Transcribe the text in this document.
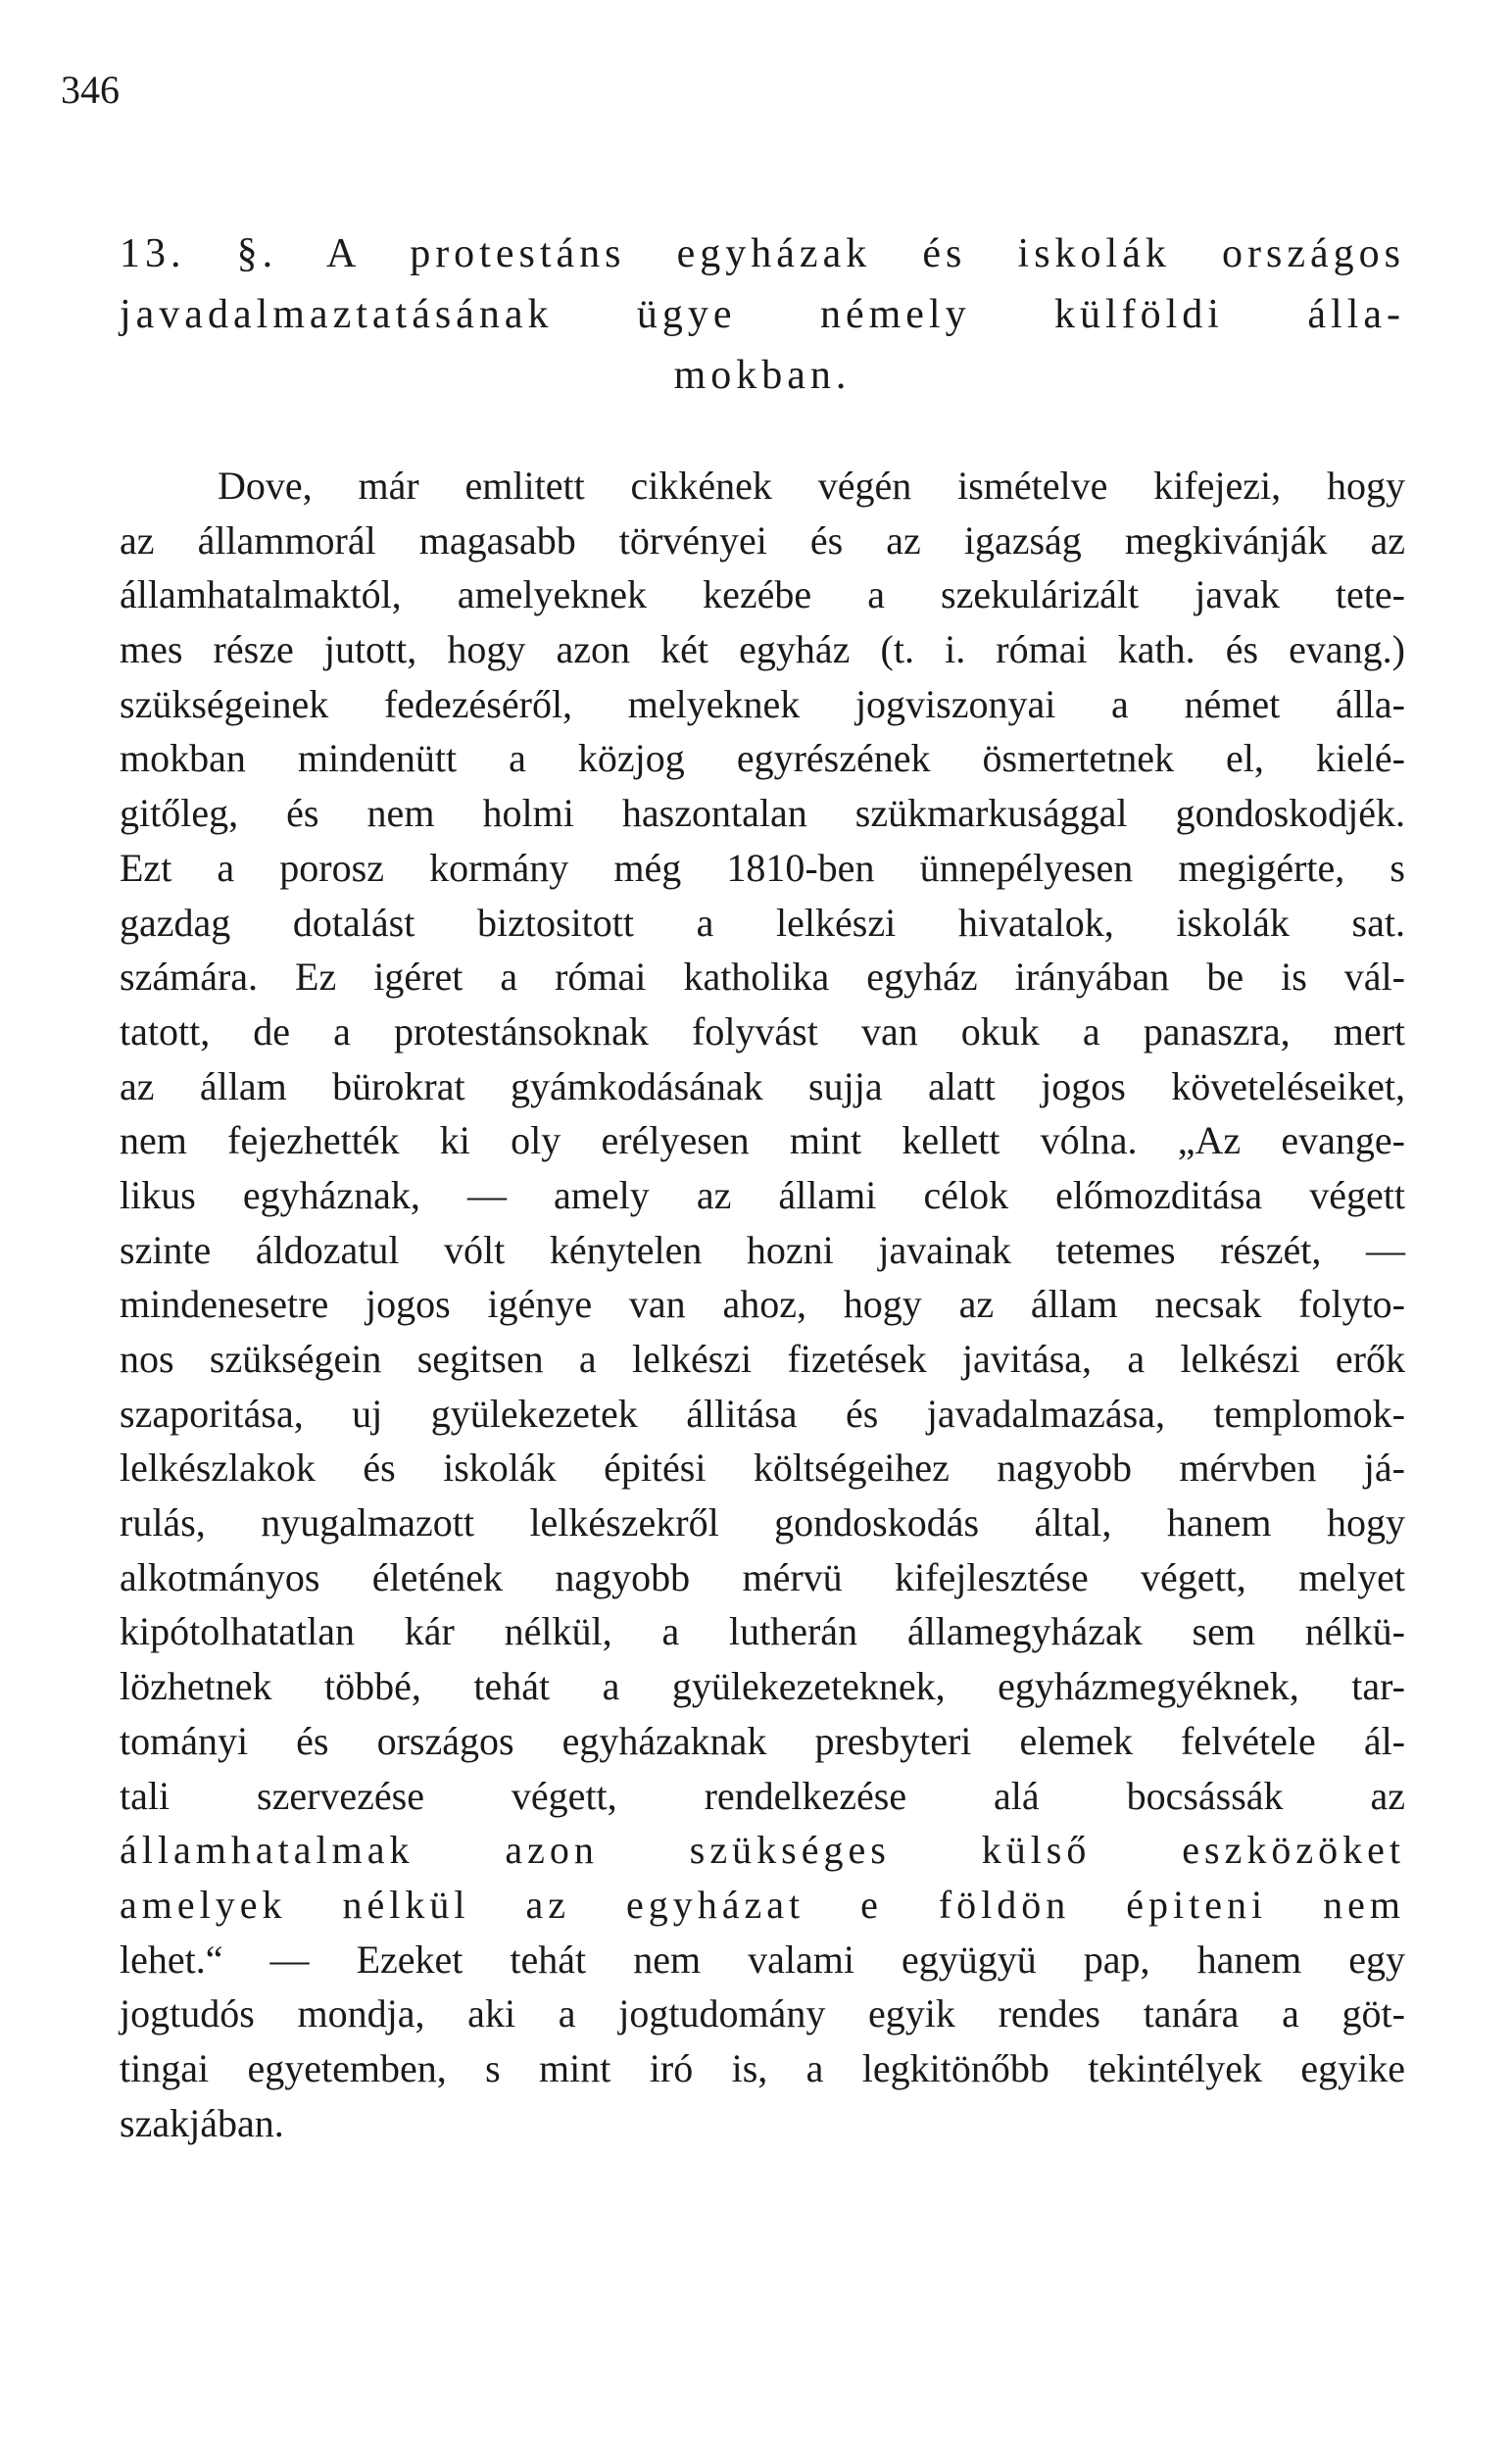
346
13. §. A protestáns egyházak és iskolák országos
javadalmaztatásának ügye némely külföldi álla-
mokban.
Dove, már emlitett cikkének végén ismételve kifejezi, hogy
az állammorál magasabb törvényei és az igazság megkivánják az
államhatalmaktól, amelyeknek kezébe a szekulárizált javak tete-
mes része jutott, hogy azon két egyház (t. i. római kath. és evang.)
szükségeinek fedezéséről, melyeknek jogviszonyai a német álla-
mokban mindenütt a közjog egyrészének ösmertetnek el, kielé-
gitőleg, és nem holmi haszontalan szükmarkusággal gondoskodjék.
Ezt a porosz kormány még 1810-ben ünnepélyesen megigérte, s
gazdag dotalást biztositott a lelkészi hivatalok, iskolák sat.
számára. Ez igéret a római katholika egyház irányában be is vál-
tatott, de a protestánsoknak folyvást van okuk a panaszra, mert
az állam bürokrat gyámkodásának sujja alatt jogos követeléseiket,
nem fejezhették ki oly erélyesen mint kellett vólna. „Az evange-
likus egyháznak, — amely az állami célok előmozditása végett
szinte áldozatul vólt kénytelen hozni javainak tetemes részét, —
mindenesetre jogos igénye van ahoz, hogy az állam necsak folyto-
nos szükségein segitsen a lelkészi fizetések javitása, a lelkészi erők
szaporitása, uj gyülekezetek állitása és javadalmazása, templomok-
lelkészlakok és iskolák épitési költségeihez nagyobb mérvben já-
rulás, nyugalmazott lelkészekről gondoskodás által, hanem hogy
alkotmányos életének nagyobb mérvü kifejlesztése végett, melyet
kipótolhatatlan kár nélkül, a lutherán államegyházak sem nélkü-
lözhetnek többé, tehát a gyülekezeteknek, egyházmegyéknek, tar-
tományi és országos egyházaknak presbyteri elemek felvétele ál-
tali szervezése végett, rendelkezése alá bocsássák az
államhatalmak azon szükséges külső eszközöket
amelyek nélkül az egyházat e földön épiteni nem
lehet.“ — Ezeket tehát nem valami együgyü pap, hanem egy
jogtudós mondja, aki a jogtudomány egyik rendes tanára a göt-
tingai egyetemben, s mint iró is, a legkitönőbb tekintélyek egyike
szakjában.
